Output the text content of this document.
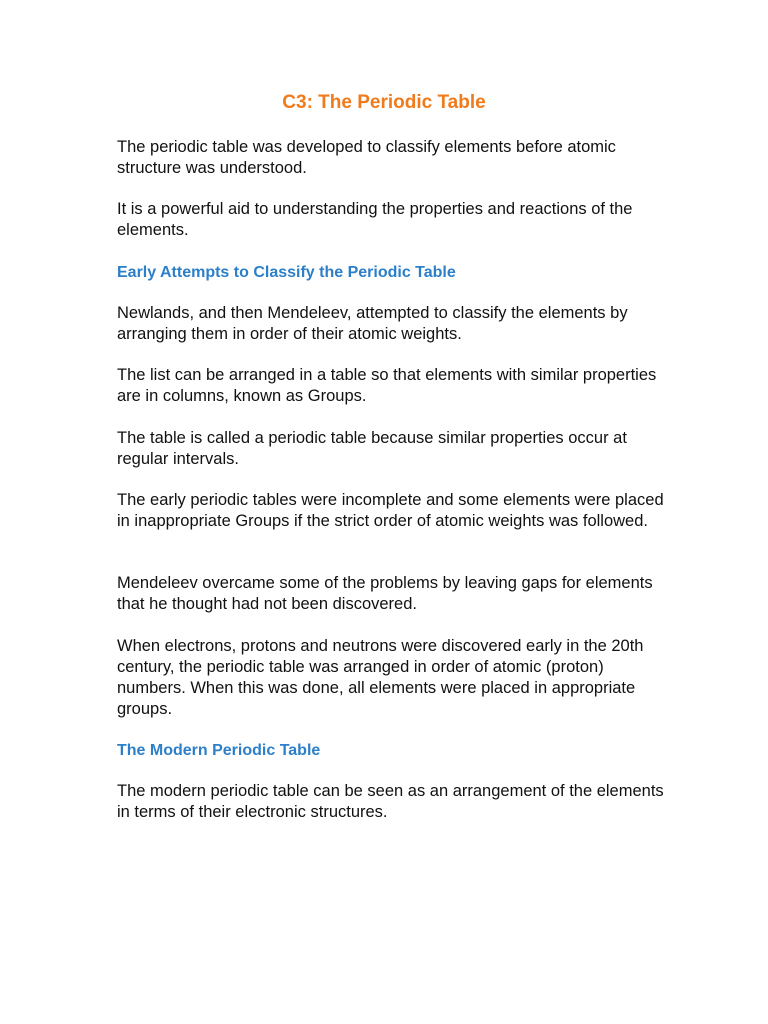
C3: The Periodic Table

The periodic table was developed to classify elements before atomic structure was understood.

It is a powerful aid to understanding the properties and reactions of the elements.

Early Attempts to Classify the Periodic Table

Newlands, and then Mendeleev, attempted to classify the elements by arranging them in order of their atomic weights.

The list can be arranged in a table so that elements with similar properties are in columns, known as Groups.

The table is called a periodic table because similar properties occur at regular intervals.

The early periodic tables were incomplete and some elements were placed in inappropriate Groups if the strict order of atomic weights was followed.

Mendeleev overcame some of the problems by leaving gaps for elements that he thought had not been discovered.

When electrons, protons and neutrons were discovered early in the 20th century, the periodic table was arranged in order of atomic (proton) numbers. When this was done, all elements were placed in appropriate groups.

The Modern Periodic Table

The modern periodic table can be seen as an arrangement of the elements in terms of their electronic structures.
